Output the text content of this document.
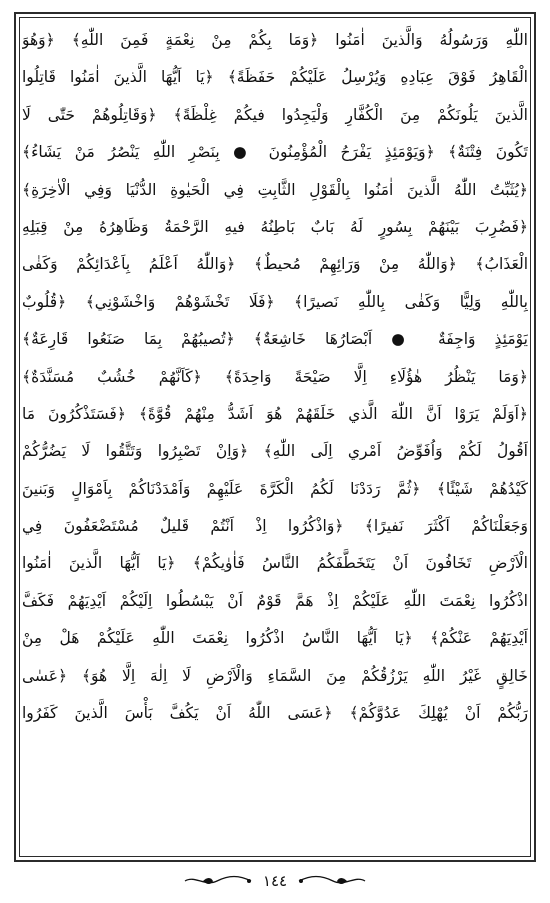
اللّٰهِ وَرَسُولُهُ وَالَّذينَ اٰمَنُوا ﴿وَمَا بِكُمْ مِنْ نِعْمَةٍ فَمِنَ اللّٰهِ﴾ ﴿وَهُوَ
الْقَاهِرُ فَوْقَ عِبَادِهِ وَيُرْسِلُ عَلَيْكُمْ حَفَظَةً﴾ ﴿يَا اَيُّهَا الَّذينَ اٰمَنُوا قَاتِلُوا
الَّذينَ يَلُونَكُمْ مِنَ الْكُفَّارِ وَلْيَجِدُوا فيكُمْ غِلْظَةً﴾ ﴿وَقَاتِلُوهُمْ حَتّٰى لَا
تَكُونَ فِتْنَةٌ﴾ ﴿وَيَوْمَئِذٍ يَفْرَحُ الْمُؤْمِنُونَ ● بِنَصْرِ اللّٰهِ يَنْصُرُ مَنْ يَشَاءُ﴾
﴿يُثَبِّتُ اللّٰهُ الَّذينَ اٰمَنُوا بِالْقَوْلِ الثَّابِتِ فِي الْحَيٰوةِ الدُّنْيَا وَفِي الْاٰخِرَةِ﴾
﴿فَضُرِبَ بَيْنَهُمْ بِسُورٍ لَهُ بَابٌ بَاطِنُهُ فيهِ الرَّحْمَةُ وَظَاهِرُهُ مِنْ قِبَلِهِ
الْعَذَابُ﴾ ﴿وَاللّٰهُ مِنْ وَرَائِهِمْ مُحيطٌ﴾ ﴿وَاللّٰهُ اَعْلَمُ بِاَعْدَائِكُمْ وَكَفٰى
بِاللّٰهِ وَلِيًّا وَكَفٰى بِاللّٰهِ نَصيرًا﴾ ﴿فَلَا تَخْشَوْهُمْ وَاخْشَوْنِي﴾ ﴿قُلُوبٌ
يَوْمَئِذٍ وَاجِفَةٌ ● اَبْصَارُهَا خَاشِعَةٌ﴾ ﴿تُصيبُهُمْ بِمَا صَنَعُوا قَارِعَةٌ﴾
﴿وَمَا يَنْظُرُ هٰؤُلَاءِ اِلَّا صَيْحَةً وَاحِدَةً﴾ ﴿كَاَنَّهُمْ خُشُبٌ مُسَنَّدَةٌ﴾
﴿اَوَلَمْ يَرَوْا اَنَّ اللّٰهَ الَّذي خَلَقَهُمْ هُوَ اَشَدُّ مِنْهُمْ قُوَّةً﴾ ﴿فَسَتَذْكُرُونَ مَا
اَقُولُ لَكُمْ وَاُفَوِّضُ اَمْري اِلَى اللّٰهِ﴾ ﴿وَاِنْ تَصْبِرُوا وَتَتَّقُوا لَا يَضُرُّكُمْ
كَيْدُهُمْ شَيْئًا﴾ ﴿ثُمَّ رَدَدْنَا لَكُمُ الْكَرَّةَ عَلَيْهِمْ وَاَمْدَدْنَاكُمْ بِاَمْوَالٍ وَبَنينَ
وَجَعَلْنَاكُمْ اَكْثَرَ نَفيرًا﴾ ﴿وَاذْكُرُوا اِذْ اَنْتُمْ قَليلٌ مُسْتَضْعَفُونَ فِي
الْاَرْضِ تَخَافُونَ اَنْ يَتَخَطَّفَكُمُ النَّاسُ فَاٰوٰيكُمْ﴾ ﴿يَا اَيُّهَا الَّذينَ اٰمَنُوا
اذْكُرُوا نِعْمَتَ اللّٰهِ عَلَيْكُمْ اِذْ هَمَّ قَوْمٌ اَنْ يَبْسُطُوا اِلَيْكُمْ اَيْدِيَهُمْ فَكَفَّ
اَيْدِيَهُمْ عَنْكُمْ﴾ ﴿يَا اَيُّهَا النَّاسُ اذْكُرُوا نِعْمَتَ اللّٰهِ عَلَيْكُمْ هَلْ مِنْ
خَالِقٍ غَيْرُ اللّٰهِ يَرْزُقُكُمْ مِنَ السَّمَاءِ وَالْاَرْضِ لَا اِلٰهَ اِلَّا هُوَ﴾ ﴿عَسٰى
رَبُّكُمْ اَنْ يُهْلِكَ عَدُوَّكُمْ﴾ ﴿عَسَى اللّٰهُ اَنْ يَكُفَّ بَأْسَ الَّذينَ كَفَرُوا
١٤٤
